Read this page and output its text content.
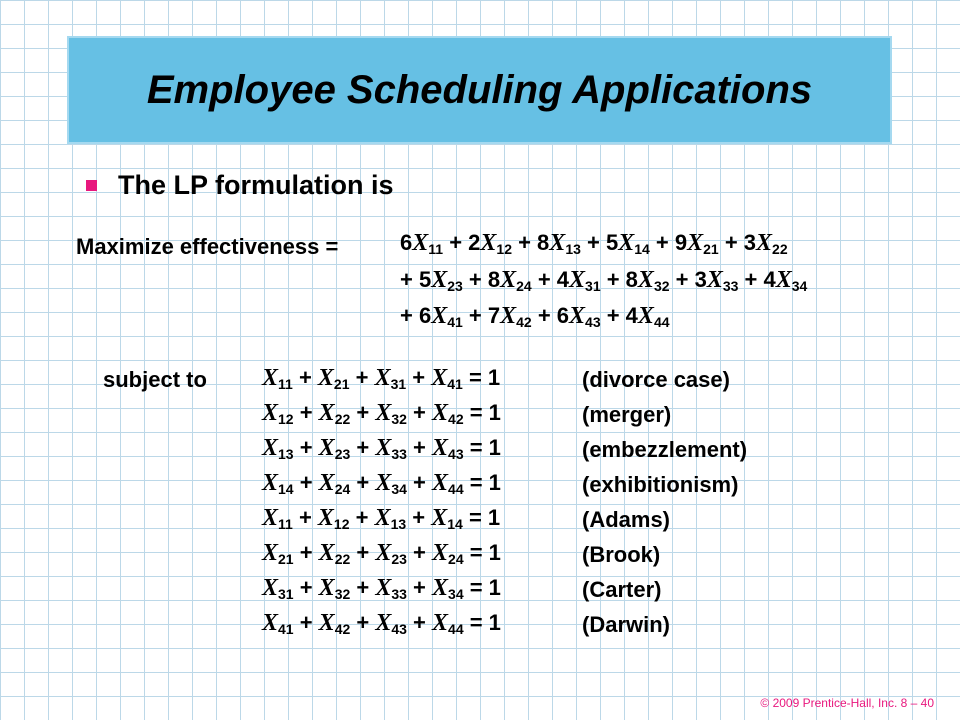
Employee Scheduling Applications
The LP formulation is
Maximize effectiveness =	$6X_{11} + 2X_{12} + 8X_{13} + 5X_{14} + 9X_{21} + 3X_{22}$
+ $5X_{23} + 8X_{24} + 4X_{31} + 8X_{32} + 3X_{33} + 4X_{34}$
+ $6X_{41} + 7X_{42} + 6X_{43} + 4X_{44}$
subject to $X_{11} + X_{21} + X_{31} + X_{41} = 1$	(divorce case)
$X_{12} + X_{22} + X_{32} + X_{42} = 1$	(merger)
$X_{13} + X_{23} + X_{33} + X_{43} = 1$	(embezzlement)
$X_{14} + X_{24} + X_{34} + X_{44} = 1$	(exhibitionism)
$X_{11} + X_{12} + X_{13} + X_{14} = 1$	(Adams)
$X_{21} + X_{22} + X_{23} + X_{24} = 1$	(Brook)
$X_{31} + X_{32} + X_{33} + X_{34} = 1$	(Carter)
$X_{41} + X_{42} + X_{43} + X_{44} = 1$	(Darwin)
© 2009 Prentice-Hall, Inc. 8 – 40
